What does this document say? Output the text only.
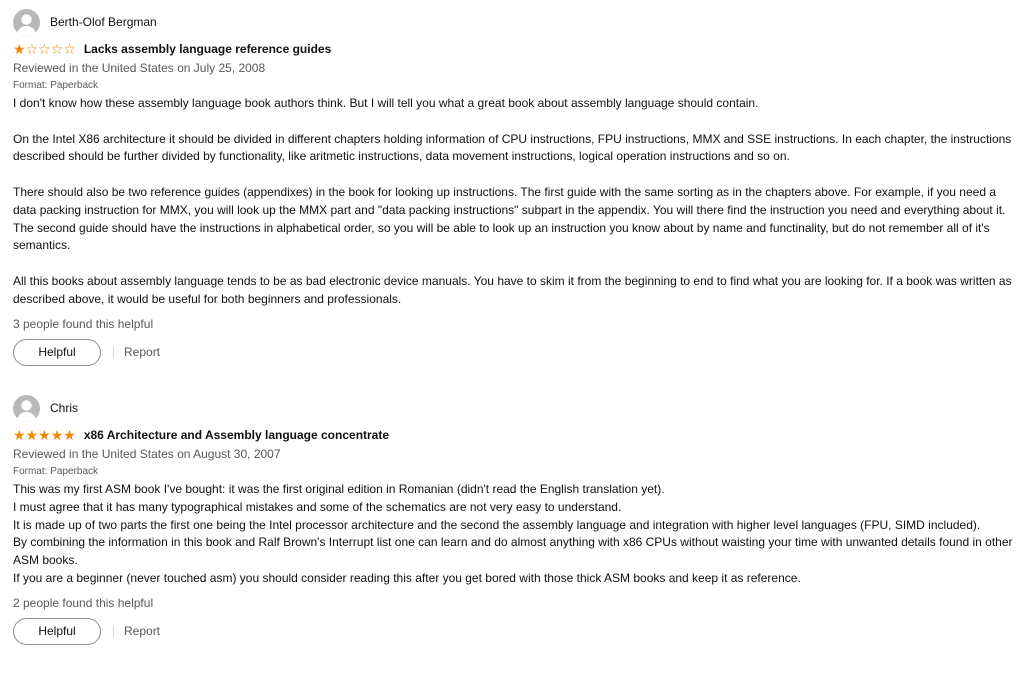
Berth-Olof Bergman
★ ☆ ☆ ☆ ☆ Lacks assembly language reference guides
Reviewed in the United States on July 25, 2008
Format: Paperback

I don't know how these assembly language book authors think. But I will tell you what a great book about assembly language should contain.

On the Intel X86 architecture it should be divided in different chapters holding information of CPU instructions, FPU instructions, MMX and SSE instructions. In each chapter, the instructions described should be further divided by functionality, like aritmetic instructions, data movement instructions, logical operation instructions and so on.

There should also be two reference guides (appendixes) in the book for looking up instructions. The first guide with the same sorting as in the chapters above. For example, if you need a data packing instruction for MMX, you will look up the MMX part and "data packing instructions" subpart in the appendix. You will there find the instruction you need and everything about it. The second guide should have the instructions in alphabetical order, so you will be able to look up an instruction you know about by name and functinality, but do not remember all of it's semantics.

All this books about assembly language tends to be as bad electronic device manuals. You have to skim it from the beginning to end to find what you are looking for. If a book was written as described above, it would be useful for both beginners and professionals.

3 people found this helpful
Helpful	Report
Chris
★ ★ ★ ★ ★ x86 Architecture and Assembly language concentrate
Reviewed in the United States on August 30, 2007
Format: Paperback

This was my first ASM book I've bought: it was the first original edition in Romanian (didn't read the English translation yet).

I must agree that it has many typographical mistakes and some of the schematics are not very easy to understand.

It is made up of two parts the first one being the Intel processor architecture and the second the assembly language and integration with higher level languages (FPU, SIMD included).

By combining the information in this book and Ralf Brown's Interrupt list one can learn and do almost anything with x86 CPUs without waisting your time with unwanted details found in other ASM books.

If you are a beginner (never touched asm) you should consider reading this after you get bored with those thick ASM books and keep it as reference.

2 people found this helpful
Helpful	Report
